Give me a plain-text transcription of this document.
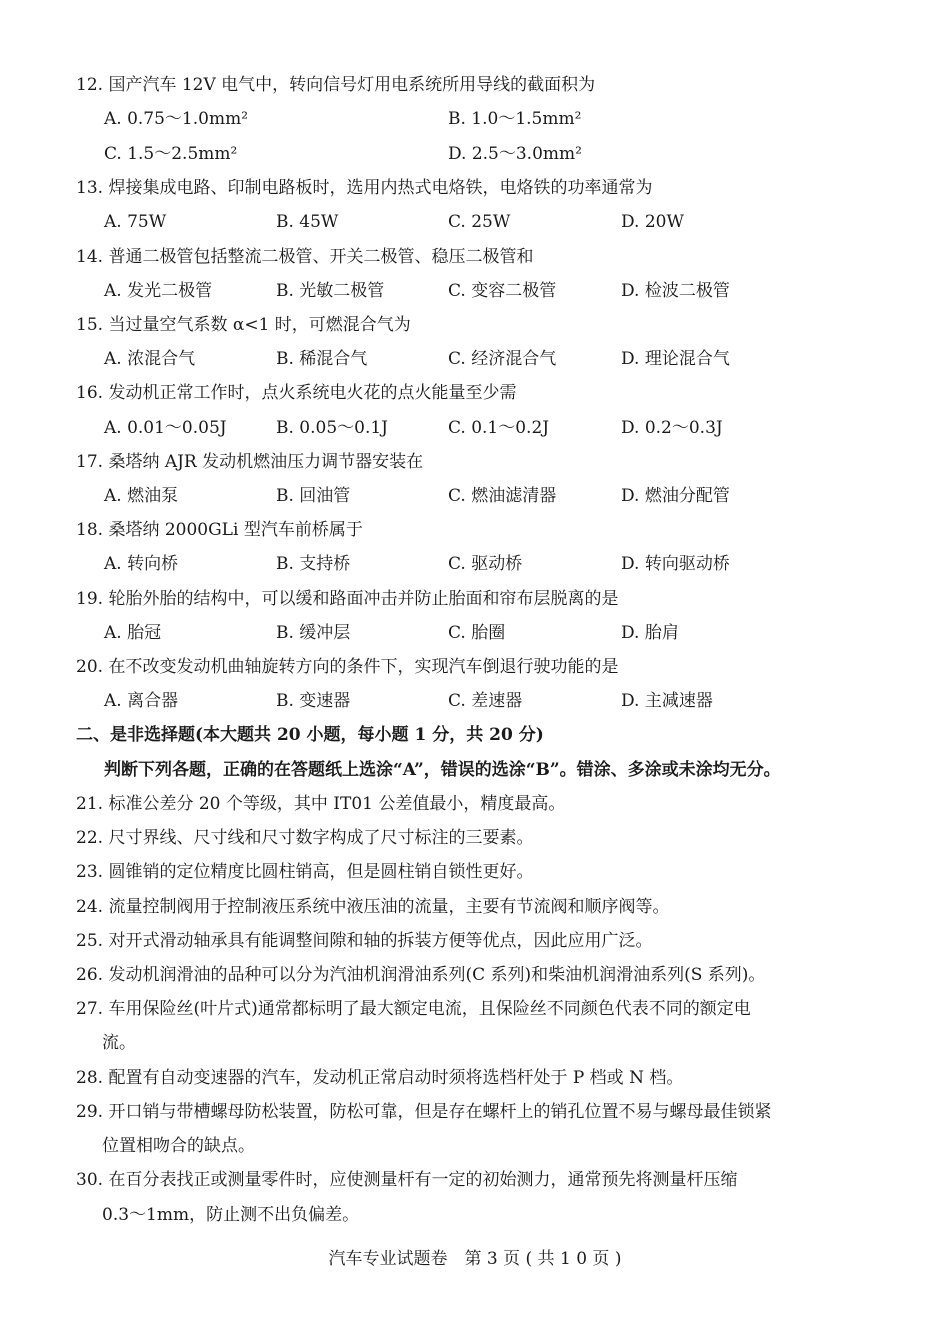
12. 国产汽车 12V 电气中，转向信号灯用电系统所用导线的截面积为
A. 0.75～1.0mm²	B. 1.0～1.5mm²
C. 1.5～2.5mm²	D. 2.5～3.0mm²
13. 焊接集成电路、印制电路板时，选用内热式电烙铁，电烙铁的功率通常为
A. 75W	B. 45W	C. 25W	D. 20W
14. 普通二极管包括整流二极管、开关二极管、稳压二极管和
A. 发光二极管	B. 光敏二极管	C. 变容二极管	D. 检波二极管
15. 当过量空气系数 α<1 时，可燃混合气为
A. 浓混合气	B. 稀混合气	C. 经济混合气	D. 理论混合气
16. 发动机正常工作时，点火系统电火花的点火能量至少需
A. 0.01～0.05J	B. 0.05～0.1J	C. 0.1～0.2J	D. 0.2～0.3J
17. 桑塔纳 AJR 发动机燃油压力调节器安装在
A. 燃油泵	B. 回油管	C. 燃油滤清器	D. 燃油分配管
18. 桑塔纳 2000GLi 型汽车前桥属于
A. 转向桥	B. 支持桥	C. 驱动桥	D. 转向驱动桥
19. 轮胎外胎的结构中，可以缓和路面冲击并防止胎面和帘布层脱离的是
A. 胎冠	B. 缓冲层	C. 胎圈	D. 胎肩
20. 在不改变发动机曲轴旋转方向的条件下，实现汽车倒退行驶功能的是
A. 离合器	B. 变速器	C. 差速器	D. 主减速器
二、是非选择题(本大题共 20 小题，每小题 1 分，共 20 分)
判断下列各题，正确的在答题纸上选涂“A”，错误的选涂“B”。错涂、多涂或未涂均无分。
21. 标准公差分 20 个等级，其中 IT01 公差值最小，精度最高。
22. 尺寸界线、尺寸线和尺寸数字构成了尺寸标注的三要素。
23. 圆锥销的定位精度比圆柱销高，但是圆柱销自锁性更好。
24. 流量控制阀用于控制液压系统中液压油的流量，主要有节流阀和顺序阀等。
25. 对开式滑动轴承具有能调整间隙和轴的拆装方便等优点，因此应用广泛。
26. 发动机润滑油的品种可以分为汽油机润滑油系列(C 系列)和柴油机润滑油系列(S 系列)。
27. 车用保险丝(叶片式)通常都标明了最大额定电流，且保险丝不同颜色代表不同的额定电
流。
28. 配置有自动变速器的汽车，发动机正常启动时须将选档杆处于 P 档或 N 档。
29. 开口销与带槽螺母防松装置，防松可靠，但是存在螺杆上的销孔位置不易与螺母最佳锁紧
位置相吻合的缺点。
30. 在百分表找正或测量零件时，应使测量杆有一定的初始测力，通常预先将测量杆压缩
0.3～1mm，防止测不出负偏差。
汽车专业试题卷　第 3 页 ( 共 1 0 页 )
